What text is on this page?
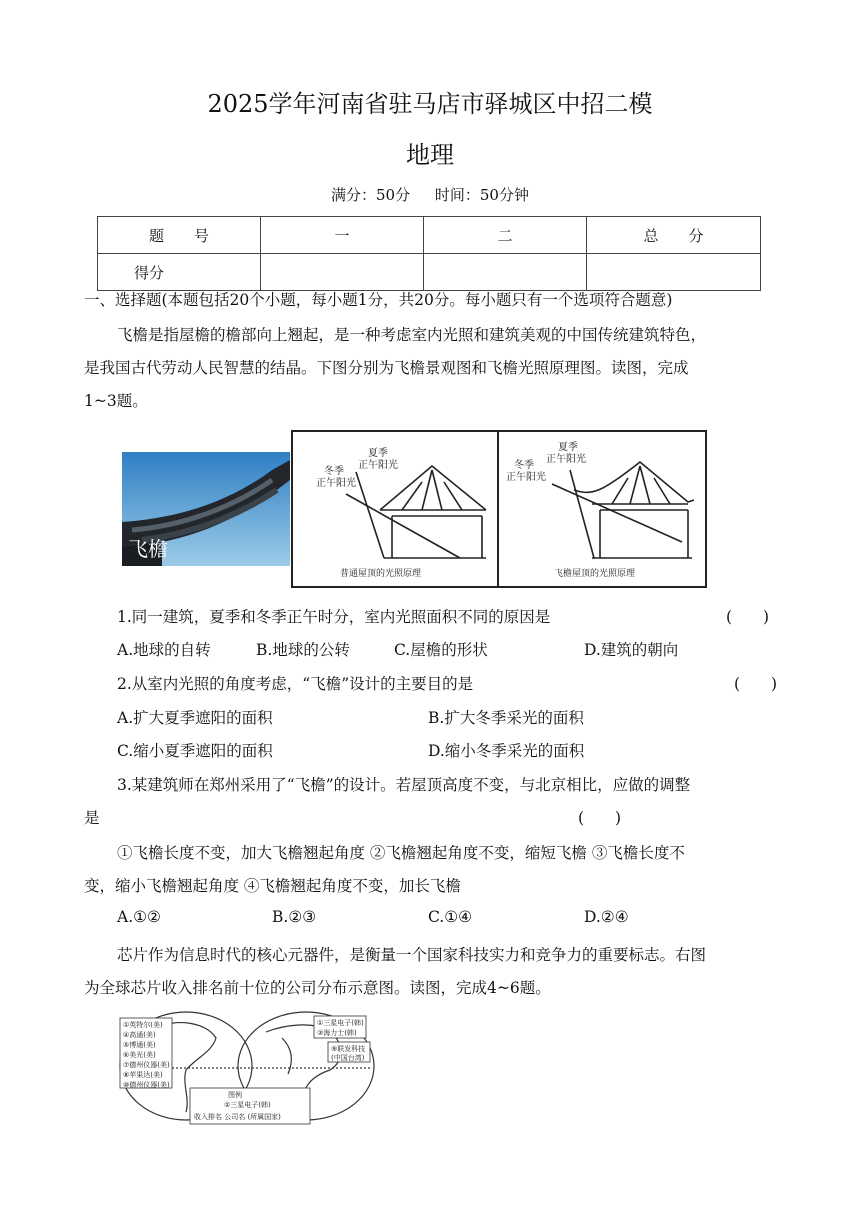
2025学年河南省驻马店市驿城区中招二模
地理
满分：50分 时间：50分钟
题　　号	一	二	总　　分
得分			
一、选择题(本题包括20个小题，每小题1分，共20分。每小题只有一个选项符合题意)
飞檐是指屋檐的檐部向上翘起，是一种考虑室内光照和建筑美观的中国传统建筑特色，
是我国古代劳动人民智慧的结晶。下图分别为飞檐景观图和飞檐光照原理图。读图，完成
1~3题。
飞檐
夏季
正午阳光
冬季
正午阳光
普通屋顶的光照原理
夏季
正午阳光
冬季
正午阳光
飞檐屋顶的光照原理
1.同一建筑，夏季和冬季正午时分，室内光照面积不同的原因是	(　　)
A.地球的自转	B.地球的公转	C.屋檐的形状	D.建筑的朝向
2.从室内光照的角度考虑，“飞檐”设计的主要目的是	(　　)
A.扩大夏季遮阳的面积	B.扩大冬季采光的面积
C.缩小夏季遮阳的面积	D.缩小冬季采光的面积
3.某建筑师在郑州采用了“飞檐”的设计。若屋顶高度不变，与北京相比，应做的调整
是	(　　)
①飞檐长度不变，加大飞檐翘起角度 ②飞檐翘起角度不变，缩短飞檐 ③飞檐长度不
变，缩小飞檐翘起角度 ④飞檐翘起角度不变，加长飞檐
A.①②	B.②③	C.①④	D.②④
芯片作为信息时代的核心元器件，是衡量一个国家科技实力和竞争力的重要标志。右图
为全球芯片收入排名前十位的公司分布示意图。读图，完成4~6题。
①英特尔(美)
④高通(美)
⑤博通(美)
⑥美光(美)
⑦德州仪器(美)
⑧苹果达(美)
⑩德州仪器(美)
①三星电子(韩)
③海力士(韩)
⑨联发科技
(中国台湾)
图例
②三星电子(韩)
收入排名 公司名 (所属国家)
